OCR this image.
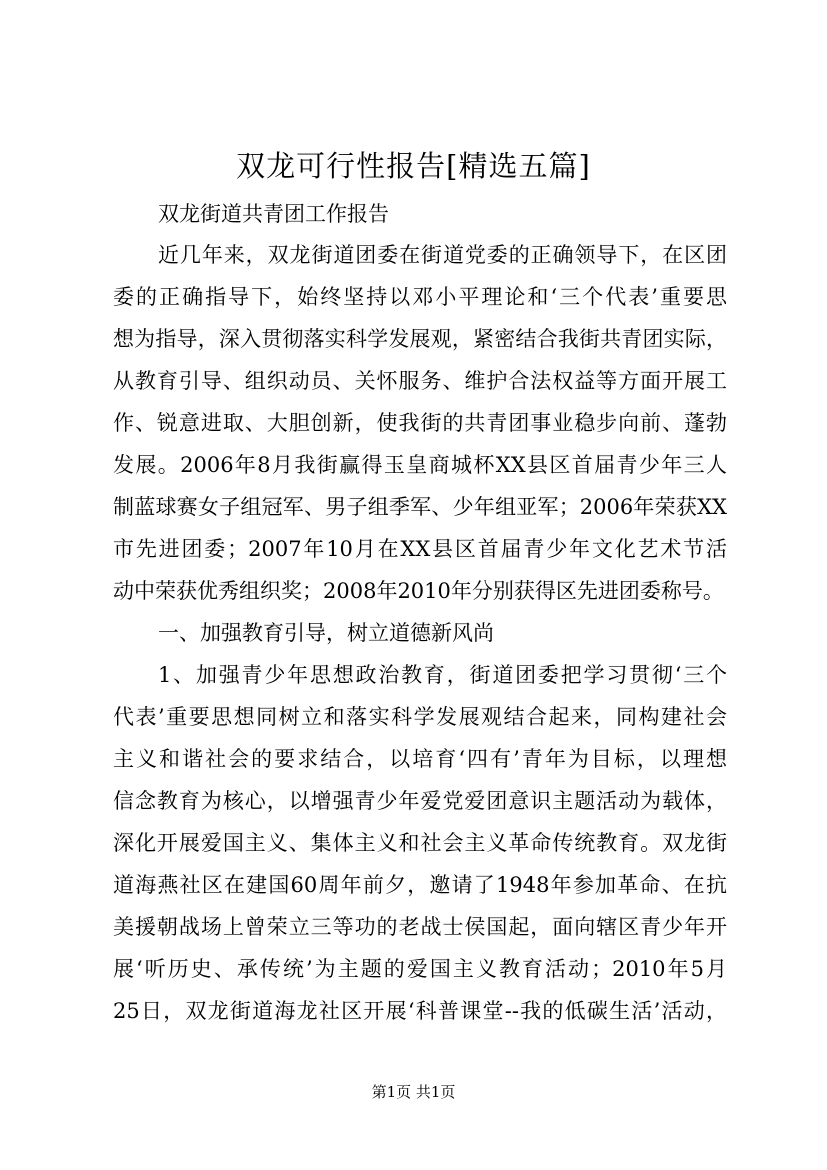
双龙可行性报告[精选五篇]
双龙街道共青团工作报告
近几年来，双龙街道团委在街道党委的正确领导下，在区团
委的正确指导下，始终坚持以邓小平理论和‘三个代表’重要思
想为指导，深入贯彻落实科学发展观，紧密结合我街共青团实际，
从教育引导、组织动员、关怀服务、维护合法权益等方面开展工
作、锐意进取、大胆创新，使我街的共青团事业稳步向前、蓬勃
发展。2006年8月我街赢得玉皇商城杯XX县区首届青少年三人
制蓝球赛女子组冠军、男子组季军、少年组亚军；2006年荣获XX
市先进团委；2007年10月在XX县区首届青少年文化艺术节活
动中荣获优秀组织奖；2008年2010年分别获得区先进团委称号。
一、加强教育引导，树立道德新风尚
1、加强青少年思想政治教育，街道团委把学习贯彻‘三个
代表’重要思想同树立和落实科学发展观结合起来，同构建社会
主义和谐社会的要求结合，以培育‘四有’青年为目标，以理想
信念教育为核心，以增强青少年爱党爱团意识主题活动为载体，
深化开展爱国主义、集体主义和社会主义革命传统教育。双龙街
道海燕社区在建国60周年前夕，邀请了1948年参加革命、在抗
美援朝战场上曾荣立三等功的老战士侯国起，面向辖区青少年开
展‘听历史、承传统’为主题的爱国主义教育活动；2010年5月
25日，双龙街道海龙社区开展‘科普课堂--我的低碳生活’活动，
第1页 共1页
